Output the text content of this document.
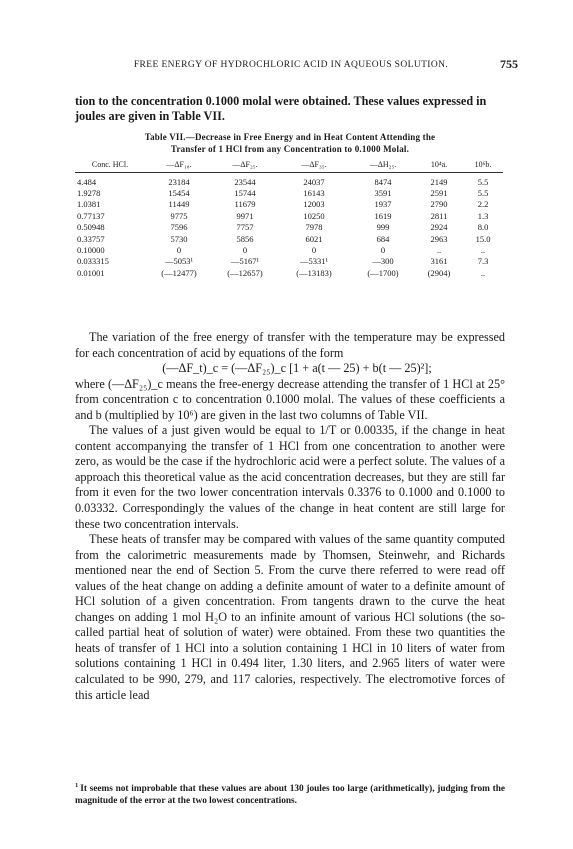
FREE ENERGY OF HYDROCHLORIC ACID IN AQUEOUS SOLUTION.	755
tion to the concentration 0.1000 molal were obtained. These values expressed in joules are given in Table VII.
Table VII.—Decrease in Free Energy and in Heat Content Attending the
Transfer of 1 HCl from any Concentration to 0.1000 Molal.
Conc. HCl.	—ΔF₁₈.	—ΔF₂₅.	—ΔF₃₅.	—ΔH₂₅.	10⁴a.	10⁶b.
4.484	23184	23544	24037	8474	2149	5.5
1.9278	15454	15744	16143	3591	2591	5.5
1.0381	11449	11679	12003	1937	2790	2.2
0.77137	9775	9971	10250	1619	2811	1.3
0.50948	7596	7757	7978	999	2924	8.0
0.33757	5730	5856	6021	684	2963	15.0
0.10000	0	0	0	0	..	..
0.033315	—5053¹	—5167¹	—5331¹	—300	3161	7.3
0.01001	(—12477)	(—12657)	(—13183)	(—1700)	(2904)	..

The variation of the free energy of transfer with the temperature may be expressed for each concentration of acid by equations of the form

(—ΔF_t)_c = (—ΔF₂₅)_c [1 + a(t — 25) + b(t — 25)²];

where (—ΔF₂₅)_c means the free-energy decrease attending the transfer of 1 HCl at 25° from concentration c to concentration 0.1000 molal. The values of these coefficients a and b (multiplied by 10⁶) are given in the last two columns of Table VII.

The values of a just given would be equal to 1/T or 0.00335, if the change in heat content accompanying the transfer of 1 HCl from one concentration to another were zero, as would be the case if the hydrochloric acid were a perfect solute. The values of a approach this theoretical value as the acid concentration decreases, but they are still far from it even for the two lower concentration intervals 0.3376 to 0.1000 and 0.1000 to 0.03332. Correspondingly the values of the change in heat content are still large for these two concentration intervals.

These heats of transfer may be compared with values of the same quantity computed from the calorimetric measurements made by Thomsen, Steinwehr, and Richards mentioned near the end of Section 5. From the curve there referred to were read off values of the heat change on adding a definite amount of water to a definite amount of HCl solution of a given concentration. From tangents drawn to the curve the heat changes on adding 1 mol H₂O to an infinite amount of various HCl solutions (the so-called partial heat of solution of water) were obtained. From these two quantities the heats of transfer of 1 HCl into a solution containing 1 HCl in 10 liters of water from solutions containing 1 HCl in 0.494 liter, 1.30 liters, and 2.965 liters of water were calculated to be 990, 279, and 117 calories, respectively. The electromotive forces of this article lead

$^1$ It seems not improbable that these values are about 130 joules too large (arithmetically), judging from the magnitude of the error at the two lowest concentrations.
